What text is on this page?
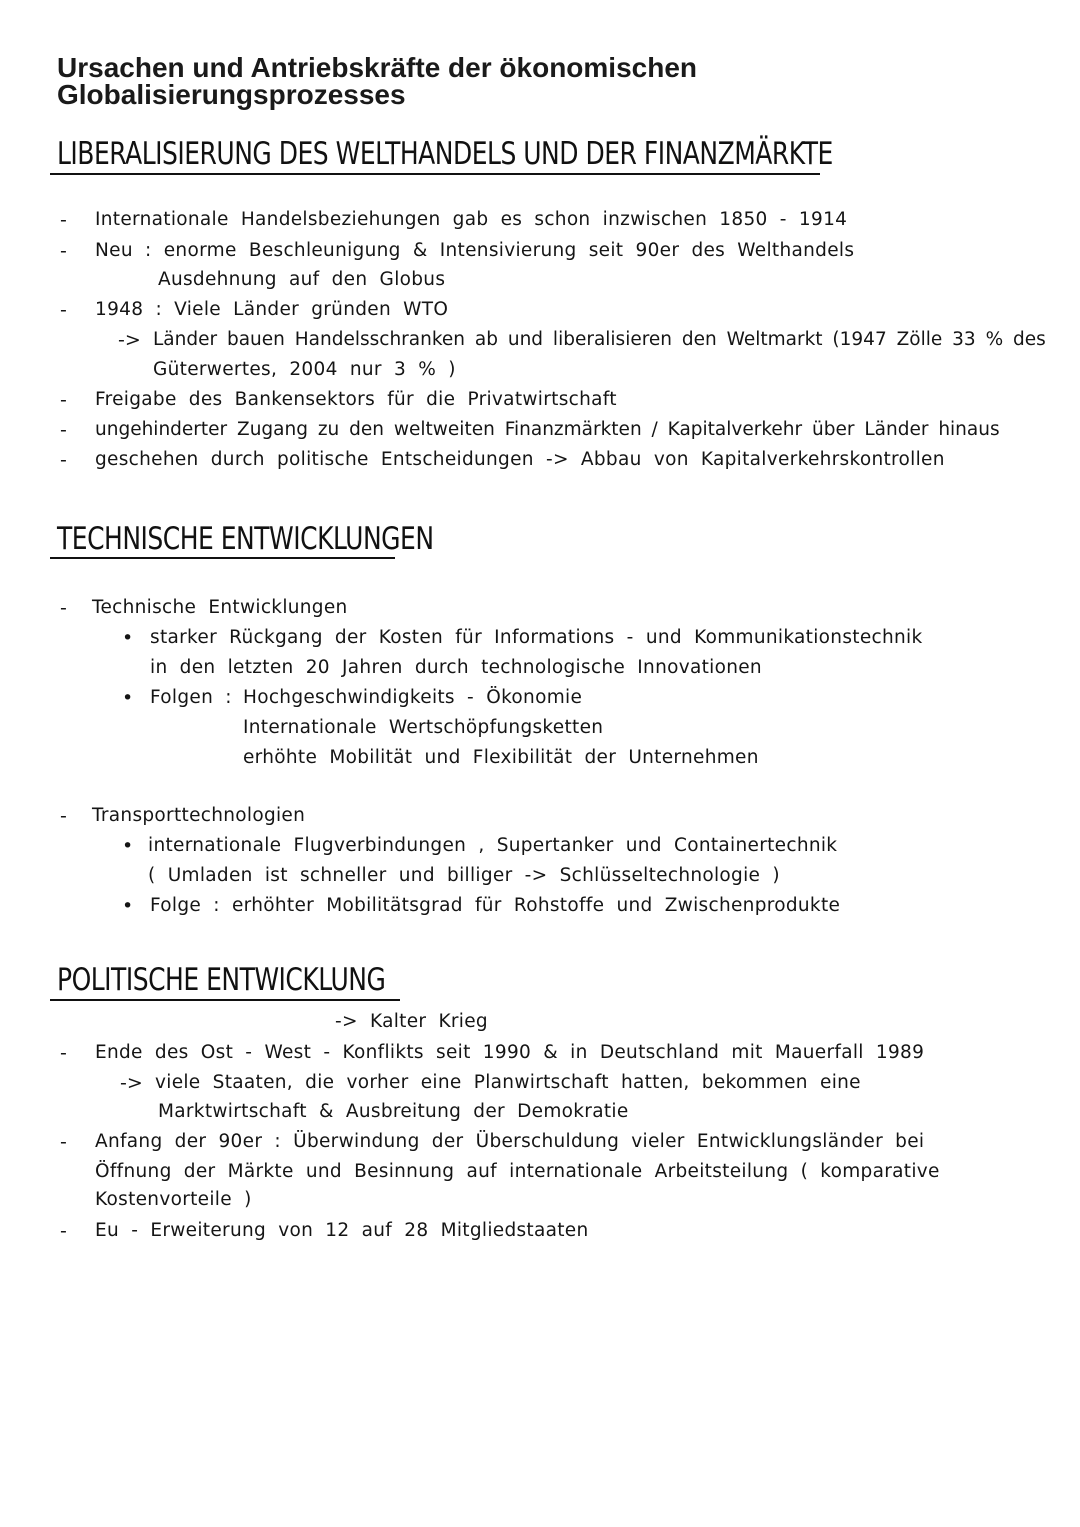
Ursachen und Antriebskräfte der ökonomischen
Globalisierungsprozesses
LIBERALISIERUNG DES WELTHANDELS UND DER FINANZMÄRKTE
- Internationale Handelsbeziehungen gab es schon inzwischen 1850 - 1914
- Neu : enorme Beschleunigung & Intensivierung seit 90er des Welthandels
Ausdehnung auf den Globus
- 1948 : Viele Länder gründen WTO
-> Länder bauen Handelsschranken ab und liberalisieren den Weltmarkt (1947 Zölle 33 % des
Güterwertes, 2004 nur 3 % )
- Freigabe des Bankensektors für die Privatwirtschaft
- ungehinderter Zugang zu den weltweiten Finanzmärkten / Kapitalverkehr über Länder hinaus
- geschehen durch politische Entscheidungen -> Abbau von Kapitalverkehrskontrollen
TECHNISCHE ENTWICKLUNGEN
- Technische Entwicklungen
• starker Rückgang der Kosten für Informations - und Kommunikationstechnik
in den letzten 20 Jahren durch technologische Innovationen
• Folgen : Hochgeschwindigkeits - Ökonomie
Internationale Wertschöpfungsketten
erhöhte Mobilität und Flexibilität der Unternehmen
- Transporttechnologien
• internationale Flugverbindungen , Supertanker und Containertechnik
( Umladen ist schneller und billiger -> Schlüsseltechnologie )
• Folge : erhöhter Mobilitätsgrad für Rohstoffe und Zwischenprodukte
POLITISCHE ENTWICKLUNG
-> Kalter Krieg
- Ende des Ost - West - Konflikts seit 1990 & in Deutschland mit Mauerfall 1989
-> viele Staaten, die vorher eine Planwirtschaft hatten, bekommen eine
Marktwirtschaft & Ausbreitung der Demokratie
- Anfang der 90er : Überwindung der Überschuldung vieler Entwicklungsländer bei
Öffnung der Märkte und Besinnung auf internationale Arbeitsteilung ( komparative
Kostenvorteile )
- Eu - Erweiterung von 12 auf 28 Mitgliedstaaten
